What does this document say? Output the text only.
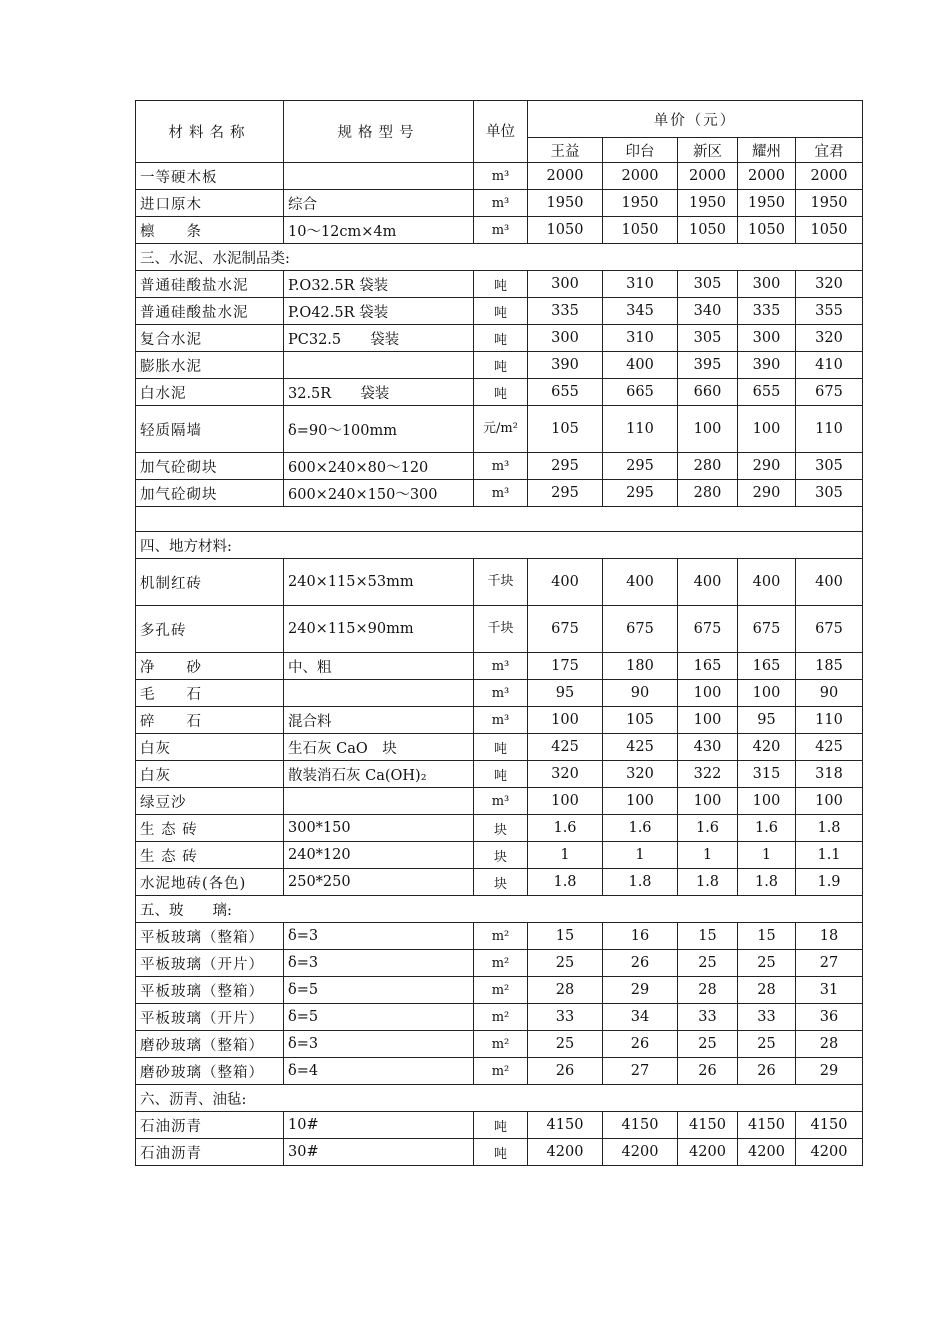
材料名称	规格型号	单位	单价（元）				
			王益	印台	新区	耀州	宜君
一等硬木板		m³	2000	2000	2000	2000	2000
进口原木	综合	m³	1950	1950	1950	1950	1950
檩　　条	10～12cm×4m	m³	1050	1050	1050	1050	1050
三、水泥、水泥制品类:							
普通硅酸盐水泥	P.O32.5R 袋装	吨	300	310	305	300	320
普通硅酸盐水泥	P.O42.5R 袋装	吨	335	345	340	335	355
复合水泥	PC32.5　　袋装	吨	300	310	305	300	320
膨胀水泥		吨	390	400	395	390	410
白水泥	32.5R　　袋装	吨	655	665	660	655	675
轻质隔墙	δ=90～100mm	元/m²	105	110	100	100	110
加气砼砌块	600×240×80～120	m³	295	295	280	290	305
加气砼砌块	600×240×150～300	m³	295	295	280	290	305

四、地方材料:							
机制红砖	240×115×53mm	千块	400	400	400	400	400
多孔砖	240×115×90mm	千块	675	675	675	675	675
净　　砂	中、粗	m³	175	180	165	165	185
毛　　石		m³	95	90	100	100	90
碎　　石	混合料	m³	100	105	100	95	110
白灰	生石灰 CaO　块	吨	425	425	430	420	425
白灰	散装消石灰 Ca(OH)₂	吨	320	320	322	315	318
绿豆沙		m³	100	100	100	100	100
生 态 砖	300*150	块	1.6	1.6	1.6	1.6	1.8
生 态 砖	240*120	块	1	1	1	1	1.1
水泥地砖(各色)	250*250	块	1.8	1.8	1.8	1.8	1.9
五、玻　　璃:							
平板玻璃（整箱）	δ=3	m²	15	16	15	15	18
平板玻璃（开片）	δ=3	m²	25	26	25	25	27
平板玻璃（整箱）	δ=5	m²	28	29	28	28	31
平板玻璃（开片）	δ=5	m²	33	34	33	33	36
磨砂玻璃（整箱）	δ=3	m²	25	26	25	25	28
磨砂玻璃（整箱）	δ=4	m²	26	27	26	26	29
六、沥青、油毡:							
石油沥青	10#	吨	4150	4150	4150	4150	4150
石油沥青	30#	吨	4200	4200	4200	4200	4200
